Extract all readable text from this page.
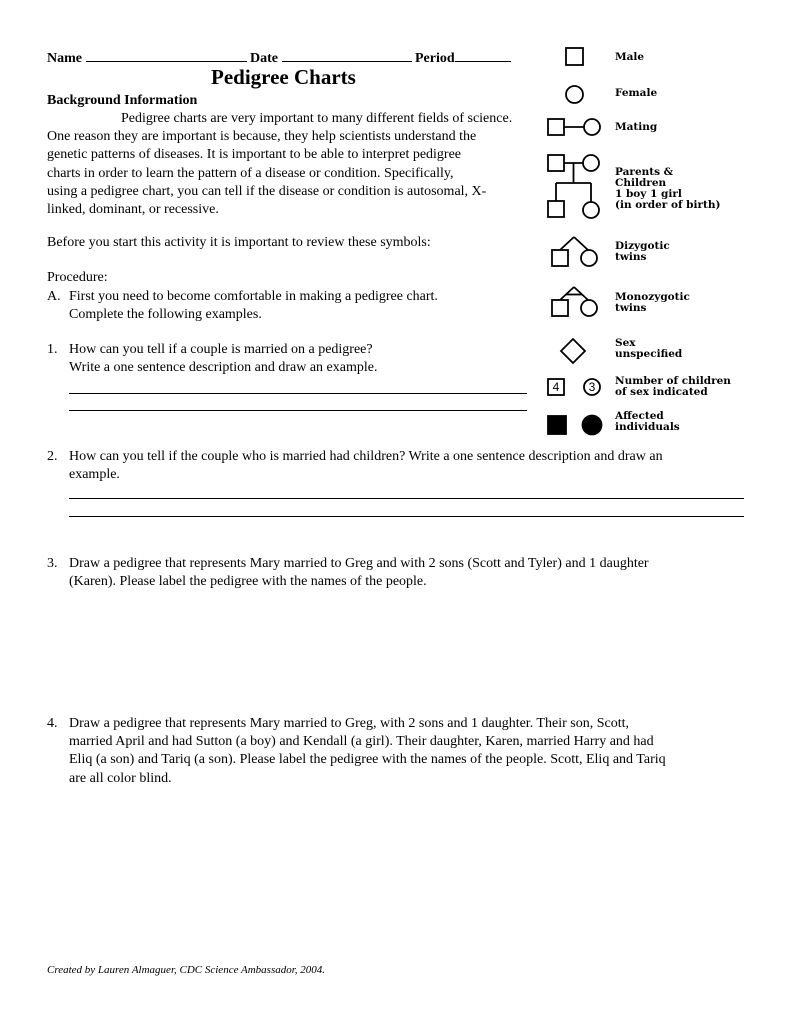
Name	Date	Period
Pedigree Charts
Background Information
Pedigree charts are very important to many different fields of science.
One reason they are important is because, they help scientists understand the
genetic patterns of diseases. It is important to be able to interpret pedigree
charts in order to learn the pattern of a disease or condition. Specifically,
using a pedigree chart, you can tell if the disease or condition is autosomal, X-
linked, dominant, or recessive.
Before you start this activity it is important to review these symbols:
Procedure:
A. First you need to become comfortable in making a pedigree chart.
Complete the following examples.
1. How can you tell if a couple is married on a pedigree?
Write a one sentence description and draw an example.
2. How can you tell if the couple who is married had children? Write a one sentence description and draw an
example.
3. Draw a pedigree that represents Mary married to Greg and with 2 sons (Scott and Tyler) and 1 daughter
(Karen). Please label the pedigree with the names of the people.
4. Draw a pedigree that represents Mary married to Greg, with 2 sons and 1 daughter. Their son, Scott,
married April and had Sutton (a boy) and Kendall (a girl). Their daughter, Karen, married Harry and had
Eliq (a son) and Tariq (a son). Please label the pedigree with the names of the people. Scott, Eliq and Tariq
are all color blind.
4	3
Male
Female
Mating
Parents &
Children
1 boy 1 girl
(in order of birth)
Dizygotic
twins
Monozygotic
twins
Sex
unspecified
Number of children
of sex indicated
Affected
individuals
Created by Lauren Almaguer, CDC Science Ambassador, 2004.
